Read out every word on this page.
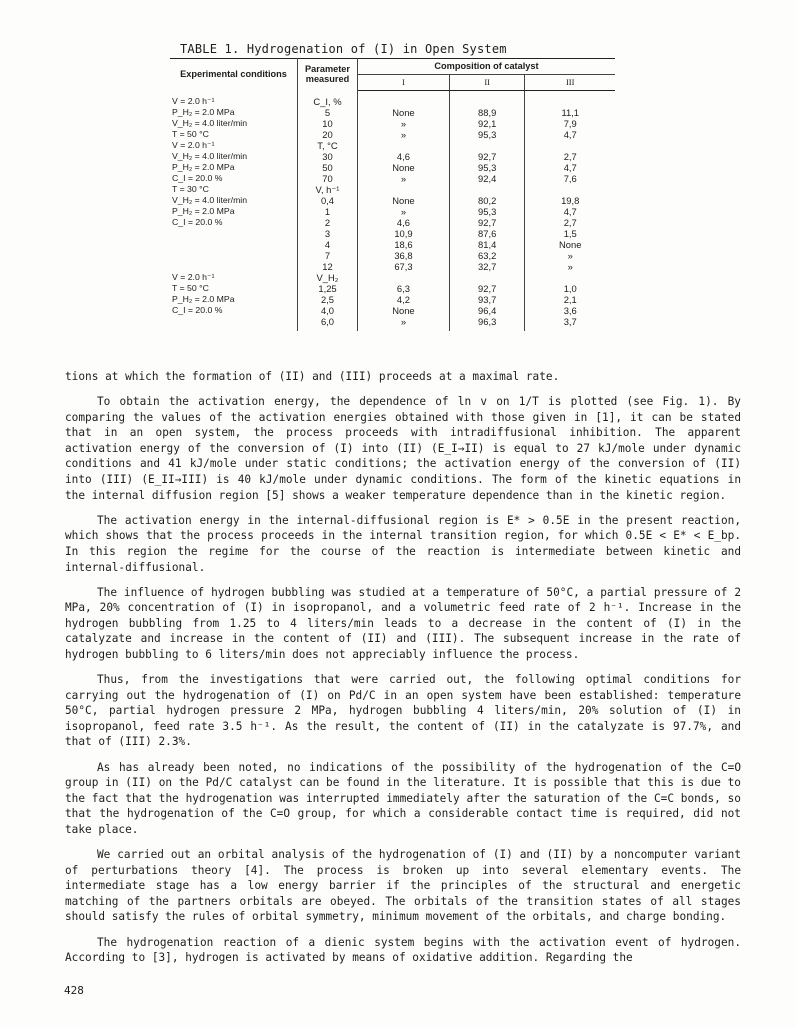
TABLE 1. Hydrogenation of (I) in Open System
Experimental conditions	Parameter measured	Composition of catalyst		
		I	II	III
V = 2.0 h⁻¹	C_I, %			
P_H₂ = 2.0 MPa	5	None	88,9	11,1
V_H₂ = 4.0 liter/min	10	»	92,1	7,9
T = 50 °C	20	»	95,3	4,7
V = 2.0 h⁻¹	T, °C			
V_H₂ = 4.0 liter/min	30	4,6	92,7	2,7
P_H₂ = 2.0 MPa	50	None	95,3	4,7
C_I = 20.0 %	70	»	92,4	7,6
T = 30 °C	V, h⁻¹			
V_H₂ = 4.0 liter/min	0,4	None	80,2	19,8
P_H₂ = 2.0 MPa	1	»	95,3	4,7
C_I = 20.0 %	2	4,6	92,7	2,7
	3	10,9	87,6	1,5
	4	18,6	81,4	None
	7	36,8	63,2	»
	12	67,3	32,7	»
V = 2.0 h⁻¹	V_H₂			
T = 50 °C	1,25	6,3	92,7	1,0
P_H₂ = 2.0 MPa	2,5	4,2	93,7	2,1
C_I = 20.0 %	4,0	None	96,4	3,6
	6,0	»	96,3	3,7

tions at which the formation of (II) and (III) proceeds at a maximal rate.

To obtain the activation energy, the dependence of ln v on 1/T is plotted (see Fig. 1). By comparing the values of the activation energies obtained with those given in [1], it can be stated that in an open system, the process proceeds with intradiffusional inhibition. The apparent activation energy of the conversion of (I) into (II) (E_I→II) is equal to 27 kJ/mole under dynamic conditions and 41 kJ/mole under static conditions; the activation energy of the conversion of (II) into (III) (E_II→III) is 40 kJ/mole under dynamic conditions. The form of the kinetic equations in the internal diffusion region [5] shows a weaker temperature dependence than in the kinetic region.

The activation energy in the internal-diffusional region is E* > 0.5E in the present reaction, which shows that the process proceeds in the internal transition region, for which 0.5E < E* < E_bp. In this region the regime for the course of the reaction is intermediate between kinetic and internal-diffusional.

The influence of hydrogen bubbling was studied at a temperature of 50°C, a partial pressure of 2 MPa, 20% concentration of (I) in isopropanol, and a volumetric feed rate of 2 h⁻¹. Increase in the hydrogen bubbling from 1.25 to 4 liters/min leads to a decrease in the content of (I) in the catalyzate and increase in the content of (II) and (III). The subsequent increase in the rate of hydrogen bubbling to 6 liters/min does not appreciably influence the process.

Thus, from the investigations that were carried out, the following optimal conditions for carrying out the hydrogenation of (I) on Pd/C in an open system have been established: temperature 50°C, partial hydrogen pressure 2 MPa, hydrogen bubbling 4 liters/min, 20% solution of (I) in isopropanol, feed rate 3.5 h⁻¹. As the result, the content of (II) in the catalyzate is 97.7%, and that of (III) 2.3%.

As has already been noted, no indications of the possibility of the hydrogenation of the C=O group in (II) on the Pd/C catalyst can be found in the literature. It is possible that this is due to the fact that the hydrogenation was interrupted immediately after the saturation of the C=C bonds, so that the hydrogenation of the C=O group, for which a considerable contact time is required, did not take place.

We carried out an orbital analysis of the hydrogenation of (I) and (II) by a noncomputer variant of perturbations theory [4]. The process is broken up into several elementary events. The intermediate stage has a low energy barrier if the principles of the structural and energetic matching of the partners orbitals are obeyed. The orbitals of the transition states of all stages should satisfy the rules of orbital symmetry, minimum movement of the orbitals, and charge bonding.

The hydrogenation reaction of a dienic system begins with the activation event of hydrogen. According to [3], hydrogen is activated by means of oxidative addition. Regarding the

428
